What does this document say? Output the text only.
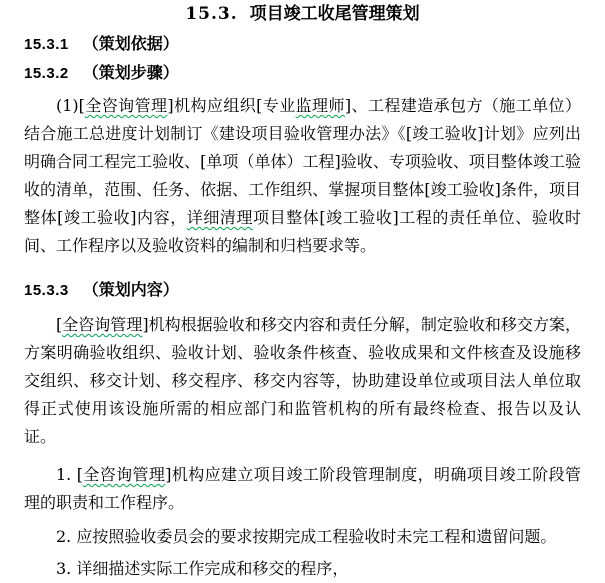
15.3. 项目竣工收尾管理策划
15.3.1 （策划依据）
15.3.2 （策划步骤）

(1)[全咨询管理]机构应组织[专业监理师]、工程建造承包方（施工单位）结合施工总进度计划制订《建设项目验收管理办法》《[竣工验收]计划》应列出明确合同工程完工验收、[单项（单体）工程]验收、专项验收、项目整体竣工验收的清单，范围、任务、依据、工作组织、掌握项目整体[竣工验收]条件，项目整体[竣工验收]内容，详细清理项目整体[竣工验收]工程的责任单位、验收时间、工作程序以及验收资料的编制和归档要求等。

15.3.3 （策划内容）

[全咨询管理]机构根据验收和移交内容和责任分解，制定验收和移交方案，方案明确验收组织、验收计划、验收条件核查、验收成果和文件核查及设施移交组织、移交计划、移交程序、移交内容等，协助建设单位或项目法人单位取得正式使用该设施所需的相应部门和监管机构的所有最终检查、报告以及认证。

1. [全咨询管理]机构应建立项目竣工阶段管理制度，明确项目竣工阶段管理的职责和工作程序。

2. 应按照验收委员会的要求按期完成工程验收时未完工程和遗留问题。

3. 详细描述实际工作完成和移交的程序，
